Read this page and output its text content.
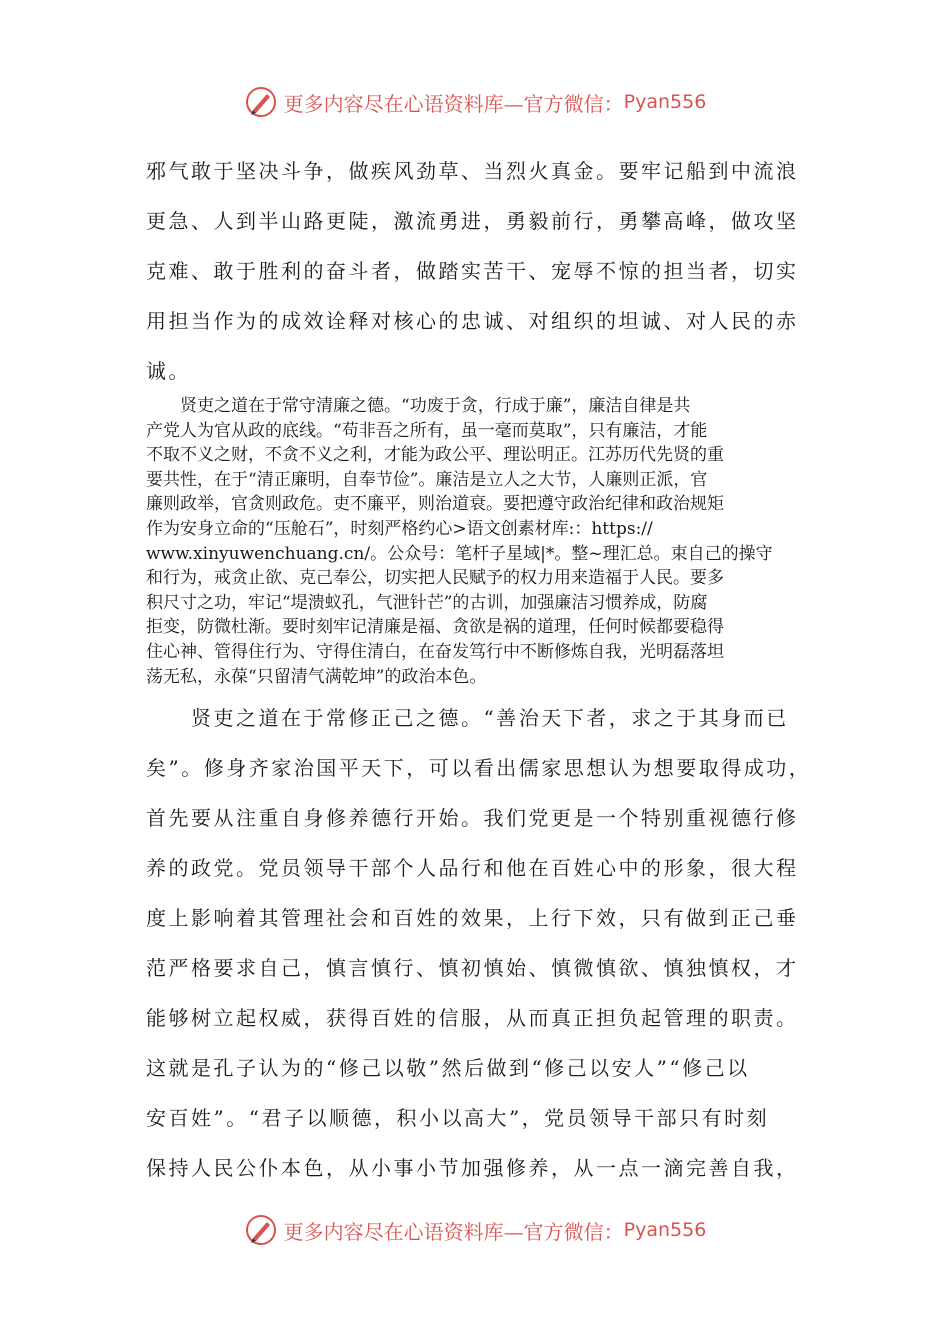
更多内容尽在心语资料库—官方微信： Pyan556

邪气敢于坚决斗争，做疾风劲草、当烈火真金。要牢记船到中流浪
更急、人到半山路更陡，激流勇进，勇毅前行，勇攀高峰，做攻坚
克难、敢于胜利的奋斗者，做踏实苦干、宠辱不惊的担当者，切实
用担当作为的成效诠释对核心的忠诚、对组织的坦诚、对人民的赤
诚。

　　贤吏之道在于常守清廉之德。“功废于贪，行成于廉”，廉洁自律是共
产党人为官从政的底线。“苟非吾之所有，虽一毫而莫取”，只有廉洁，才能
不取不义之财，不贪不义之利，才能为政公平、理讼明正。江苏历代先贤的重
要共性，在于“清正廉明，自奉节俭”。廉洁是立人之大节，人廉则正派，官
廉则政举，官贪则政危。吏不廉平，则治道衰。要把遵守政治纪律和政治规矩
作为安身立命的“压舱石”，时刻严格约心>语文创素材库:：https://
www.xinyuwenchuang.cn/。公众号：笔杆子星域|*。整~理汇总。束自己的操守
和行为，戒贪止欲、克己奉公，切实把人民赋予的权力用来造福于人民。要多
积尺寸之功，牢记“堤溃蚁孔，气泄针芒”的古训，加强廉洁习惯养成，防腐
拒变，防微杜渐。要时刻牢记清廉是福、贪欲是祸的道理，任何时候都要稳得
住心神、管得住行为、守得住清白，在奋发笃行中不断修炼自我，光明磊落坦
荡无私，永葆“只留清气满乾坤”的政治本色。

　　贤吏之道在于常修正己之德。“善治天下者，求之于其身而已
矣”。修身齐家治国平天下，可以看出儒家思想认为想要取得成功，
首先要从注重自身修养德行开始。我们党更是一个特别重视德行修
养的政党。党员领导干部个人品行和他在百姓心中的形象，很大程
度上影响着其管理社会和百姓的效果，上行下效，只有做到正己垂
范严格要求自己，慎言慎行、慎初慎始、慎微慎欲、慎独慎权，才
能够树立起权威，获得百姓的信服，从而真正担负起管理的职责。
这就是孔子认为的“修己以敬”然后做到“修己以安人”“修己以
安百姓”。“君子以顺德，积小以高大”，党员领导干部只有时刻
保持人民公仆本色，从小事小节加强修养，从一点一滴完善自我，

更多内容尽在心语资料库—官方微信： Pyan556
